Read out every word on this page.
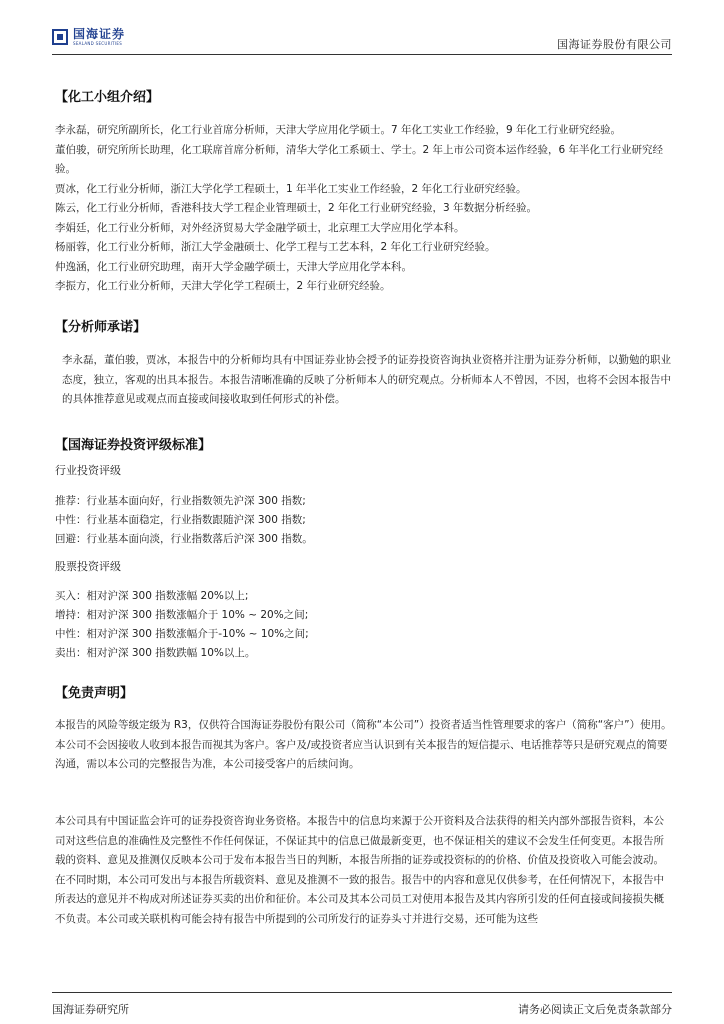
国海证券
SEALAND SECURITIES	国海证券股份有限公司
【化工小组介绍】

李永磊，研究所副所长，化工行业首席分析师，天津大学应用化学硕士。7 年化工实业工作经验，9 年化工行业研究经验。

董伯骏，研究所所长助理，化工联席首席分析师，清华大学化工系硕士、学士。2 年上市公司资本运作经验，6 年半化工行业研究经验。

贾冰，化工行业分析师，浙江大学化学工程硕士，1 年半化工实业工作经验，2 年化工行业研究经验。

陈云，化工行业分析师，香港科技大学工程企业管理硕士，2 年化工行业研究经验，3 年数据分析经验。

李娟廷，化工行业分析师，对外经济贸易大学金融学硕士，北京理工大学应用化学本科。

杨丽蓉，化工行业分析师，浙江大学金融硕士、化学工程与工艺本科，2 年化工行业研究经验。

仲逸涵，化工行业研究助理，南开大学金融学硕士，天津大学应用化学本科。

李振方，化工行业分析师，天津大学化学工程硕士，2 年行业研究经验。

【分析师承诺】
李永磊，董伯骏，贾冰，本报告中的分析师均具有中国证券业协会授予的证券投资咨询执业资格并注册为证券分析师，以勤勉的职业态度，独立，客观的出具本报告。本报告清晰准确的反映了分析师本人的研究观点。分析师本人不曾因，不因，也将不会因本报告中的具体推荐意见或观点而直接或间接收取到任何形式的补偿。
【国海证券投资评级标准】
行业投资评级
推荐：行业基本面向好，行业指数领先沪深 300 指数;
中性：行业基本面稳定，行业指数跟随沪深 300 指数;
回避：行业基本面向淡，行业指数落后沪深 300 指数。
股票投资评级
买入：相对沪深 300 指数涨幅 20%以上;
增持：相对沪深 300 指数涨幅介于 10% ~ 20%之间;
中性：相对沪深 300 指数涨幅介于-10% ~ 10%之间;
卖出：相对沪深 300 指数跌幅 10%以上。
【免责声明】
本报告的风险等级定级为 R3，仅供符合国海证券股份有限公司（简称“本公司”）投资者适当性管理要求的客户（简称“客户”）使用。本公司不会因接收人收到本报告而视其为客户。客户及/或投资者应当认识到有关本报告的短信提示、电话推荐等只是研究观点的简要沟通，需以本公司的完整报告为准，本公司接受客户的后续问询。
本公司具有中国证监会许可的证券投资咨询业务资格。本报告中的信息均来源于公开资料及合法获得的相关内部外部报告资料，本公司对这些信息的准确性及完整性不作任何保证，不保证其中的信息已做最新变更，也不保证相关的建议不会发生任何变更。本报告所载的资料、意见及推测仅反映本公司于发布本报告当日的判断，本报告所指的证券或投资标的的价格、价值及投资收入可能会波动。在不同时期，本公司可发出与本报告所载资料、意见及推测不一致的报告。报告中的内容和意见仅供参考，在任何情况下，本报告中所表达的意见并不构成对所述证券买卖的出价和征价。本公司及其本公司员工对使用本报告及其内容所引发的任何直接或间接损失概不负责。本公司或关联机构可能会持有报告中所提到的公司所发行的证券头寸并进行交易，还可能为这些
国海证券研究所	请务必阅读正文后免责条款部分
